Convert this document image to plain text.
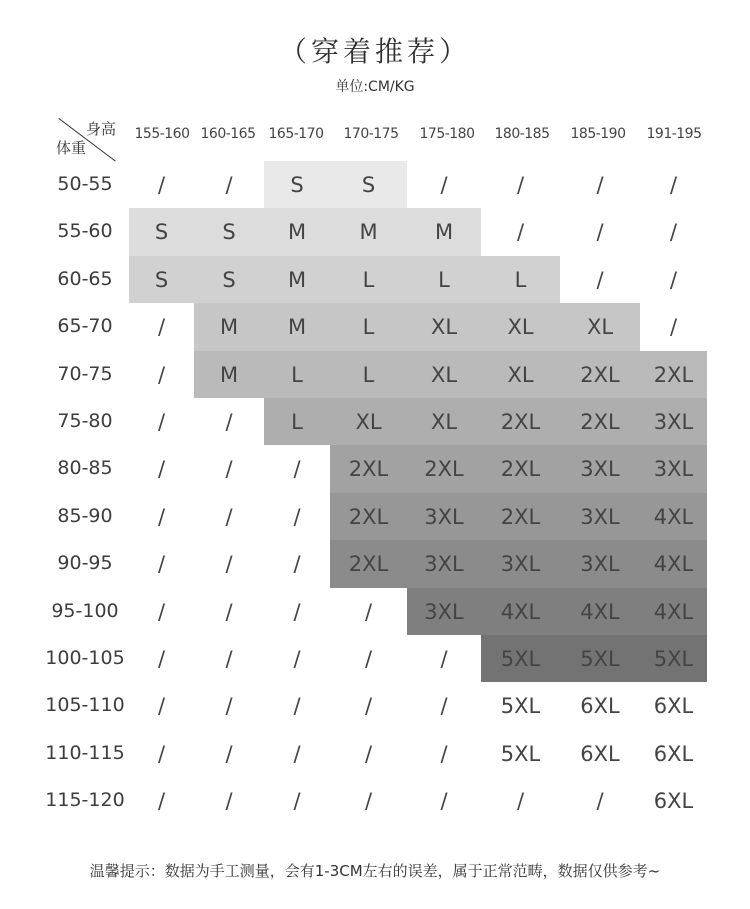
（穿着推荐）
单位:CM/KG
身高
体重
155-160 160-165 165-170	170-175	175-180	180-185	185-190	191-195
50-55	/	/	S	S	/	/	/	/
55-60	S	S	M	M	M	/	/	/
60-65	S	S	M	L	L	L	/	/
65-70	/	M	M	L	XL	XL	XL	/
70-75	/	M	L	L	XL	XL	2XL	2XL
75-80	/	/	L	XL	XL	2XL	2XL	3XL
80-85	/	/	/	2XL	2XL	2XL	3XL	3XL
85-90	/	/	/	2XL	3XL	2XL	3XL	4XL
90-95	/	/	/	2XL	3XL	3XL	3XL	4XL
95-100	/	/	/	/	3XL	4XL	4XL	4XL
100-105	/	/	/	/	/	5XL	5XL	5XL
105-110	/	/	/	/	/	5XL	6XL	6XL
110-115	/	/	/	/	/	5XL	6XL	6XL
115-120	/	/	/	/	/	/	/	6XL
温馨提示：数据为手工测量，会有1-3CM左右的误差，属于正常范畴，数据仅供参考~
